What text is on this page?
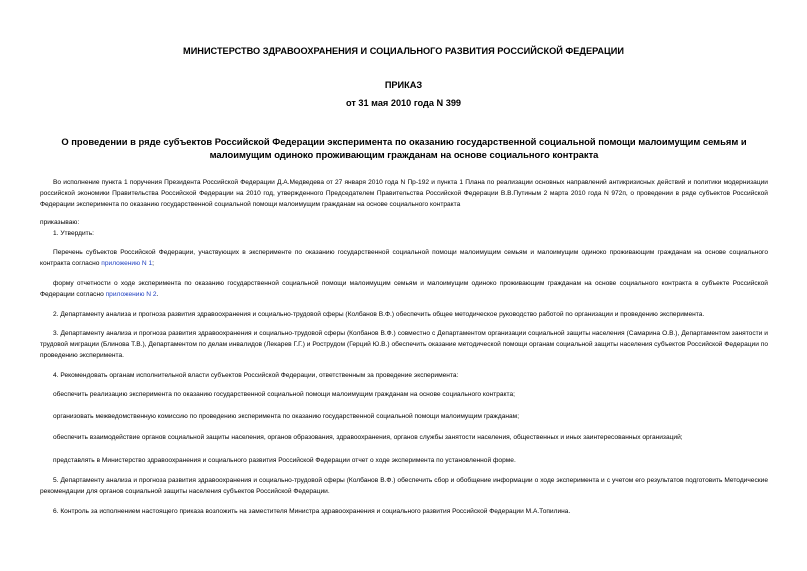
МИНИСТЕРСТВО ЗДРАВООХРАНЕНИЯ И СОЦИАЛЬНОГО РАЗВИТИЯ РОССИЙСКОЙ ФЕДЕРАЦИИ
ПРИКАЗ
от 31 мая 2010 года N 399
О проведении в ряде субъектов Российской Федерации эксперимента по оказанию государственной социальной помощи малоимущим семьям и малоимущим одиноко проживающим гражданам на основе социального контракта
Во исполнение пункта 1 поручения Президента Российской Федерации Д.А.Медведева от 27 января 2010 года N Пр-192 и пункта 1 Плана по реализации основных направлений антикризисных действий и политики модернизации российской экономики Правительства Российской Федерации на 2010 год, утвержденного Председателем Правительства Российской Федерации В.В.Путиным 2 марта 2010 года N 972п, о проведении в ряде субъектов Российской Федерации эксперимента по оказанию государственной социальной помощи малоимущим гражданам на основе социального контракта
приказываю:
1. Утвердить:
Перечень субъектов Российской Федерации, участвующих в эксперименте по оказанию государственной социальной помощи малоимущим семьям и малоимущим одиноко проживающим гражданам на основе социального контракта согласно приложению N 1;
форму отчетности о ходе эксперимента по оказанию государственной социальной помощи малоимущим семьям и малоимущим одиноко проживающим гражданам на основе социального контракта в субъекте Российской Федерации согласно приложению N 2.
2. Департаменту анализа и прогноза развития здравоохранения и социально-трудовой сферы (Колбанов В.Ф.) обеспечить общее методическое руководство работой по организации и проведению эксперимента.
3. Департаменту анализа и прогноза развития здравоохранения и социально-трудовой сферы (Колбанов В.Ф.) совместно с Департаментом организации социальной защиты населения (Самарина О.В.), Департаментом занятости и трудовой миграции (Блинова Т.В.), Департаментом по делам инвалидов (Лекарев Г.Г.) и Рострудом (Герций Ю.В.) обеспечить оказание методической помощи органам социальной защиты населения субъектов Российской Федерации по проведению эксперимента.
4. Рекомендовать органам исполнительной власти субъектов Российской Федерации, ответственным за проведение эксперимента:
обеспечить реализацию эксперимента по оказанию государственной социальной помощи малоимущим гражданам на основе социального контракта;
организовать межведомственную комиссию по проведению эксперимента по оказанию государственной социальной помощи малоимущим гражданам;
обеспечить взаимодействие органов социальной защиты населения, органов образования, здравоохранения, органов службы занятости населения, общественных и иных заинтересованных организаций;
представлять в Министерство здравоохранения и социального развития Российской Федерации отчет о ходе эксперимента по установленной форме.
5. Департаменту анализа и прогноза развития здравоохранения и социально-трудовой сферы (Колбанов В.Ф.) обеспечить сбор и обобщение информации о ходе эксперимента и с учетом его результатов подготовить Методические рекомендации для органов социальной защиты населения субъектов Российской Федерации.
6. Контроль за исполнением настоящего приказа возложить на заместителя Министра здравоохранения и социального развития Российской Федерации М.А.Топилина.
